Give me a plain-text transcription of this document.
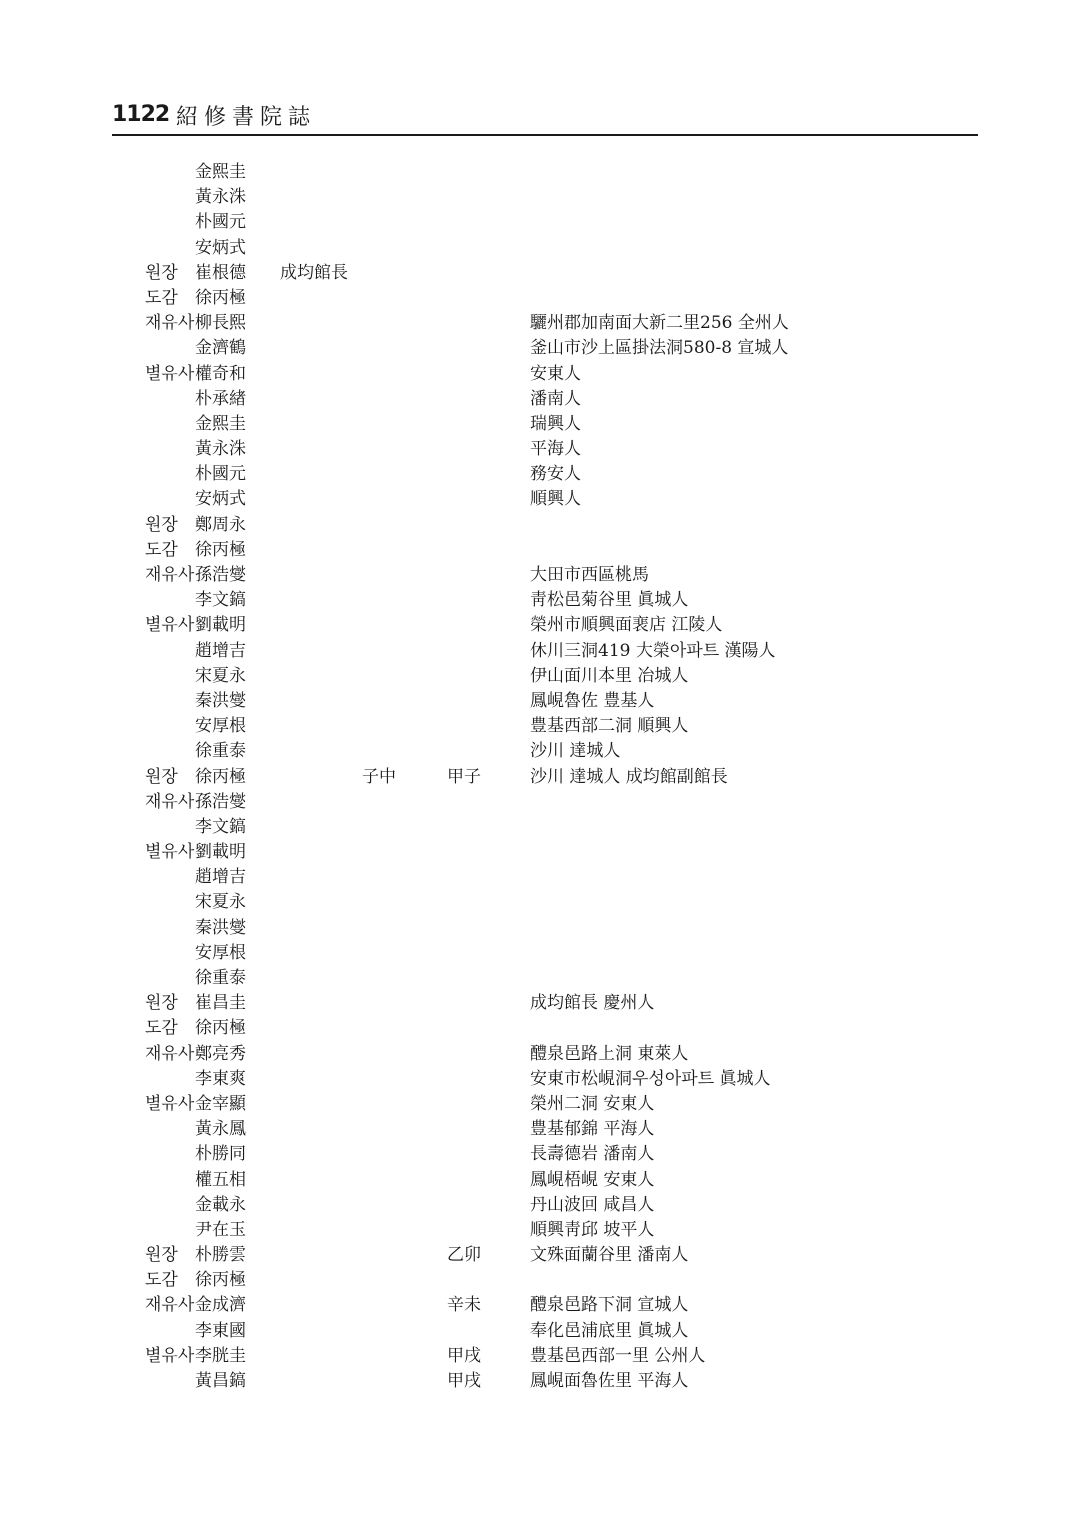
1122 紹修書院誌
金熙圭
黃永洙
朴國元
安炳式
원장 崔根德 成均館長
도감 徐丙極
재유사 柳長熙	驪州郡加南面大新二里256 全州人
金濟鶴	釜山市沙上區掛法洞580-8 宣城人
별유사 權奇和	安東人
朴承緖	潘南人
金熙圭	瑞興人
黃永洙	平海人
朴國元	務安人
安炳式	順興人
원장 鄭周永
도감 徐丙極
재유사 孫浩燮	大田市西區桃馬
李文鎬	靑松邑菊谷里 眞城人
별유사 劉載明	榮州市順興面裵店 江陵人
趙增吉	休川三洞419 大榮아파트 漢陽人
宋夏永	伊山面川本里 冶城人
秦洪燮	鳳峴魯佐 豊基人
安厚根	豊基西部二洞 順興人
徐重泰	沙川 達城人
원장 徐丙極	子中	甲子	沙川 達城人 成均館副館長
재유사 孫浩燮
李文鎬
별유사 劉載明
趙增吉
宋夏永
秦洪燮
安厚根
徐重泰
원장 崔昌圭	成均館長 慶州人
도감 徐丙極
재유사 鄭亮秀	醴泉邑路上洞 東萊人
李東爽	安東市松峴洞우성아파트 眞城人
별유사 金宰顯	榮州二洞 安東人
黃永鳳	豊基郁錦 平海人
朴勝同	長壽德岩 潘南人
權五相	鳳峴梧峴 安東人
金載永	丹山波回 咸昌人
尹在玉	順興靑邱 坡平人
원장 朴勝雲	乙卯	文殊面蘭谷里 潘南人
도감 徐丙極
재유사 金成濟	辛未	醴泉邑路下洞 宣城人
李東國	奉化邑浦底里 眞城人
별유사 李胱圭	甲戌	豊基邑西部一里 公州人
黃昌鎬	甲戌	鳳峴面魯佐里 平海人
